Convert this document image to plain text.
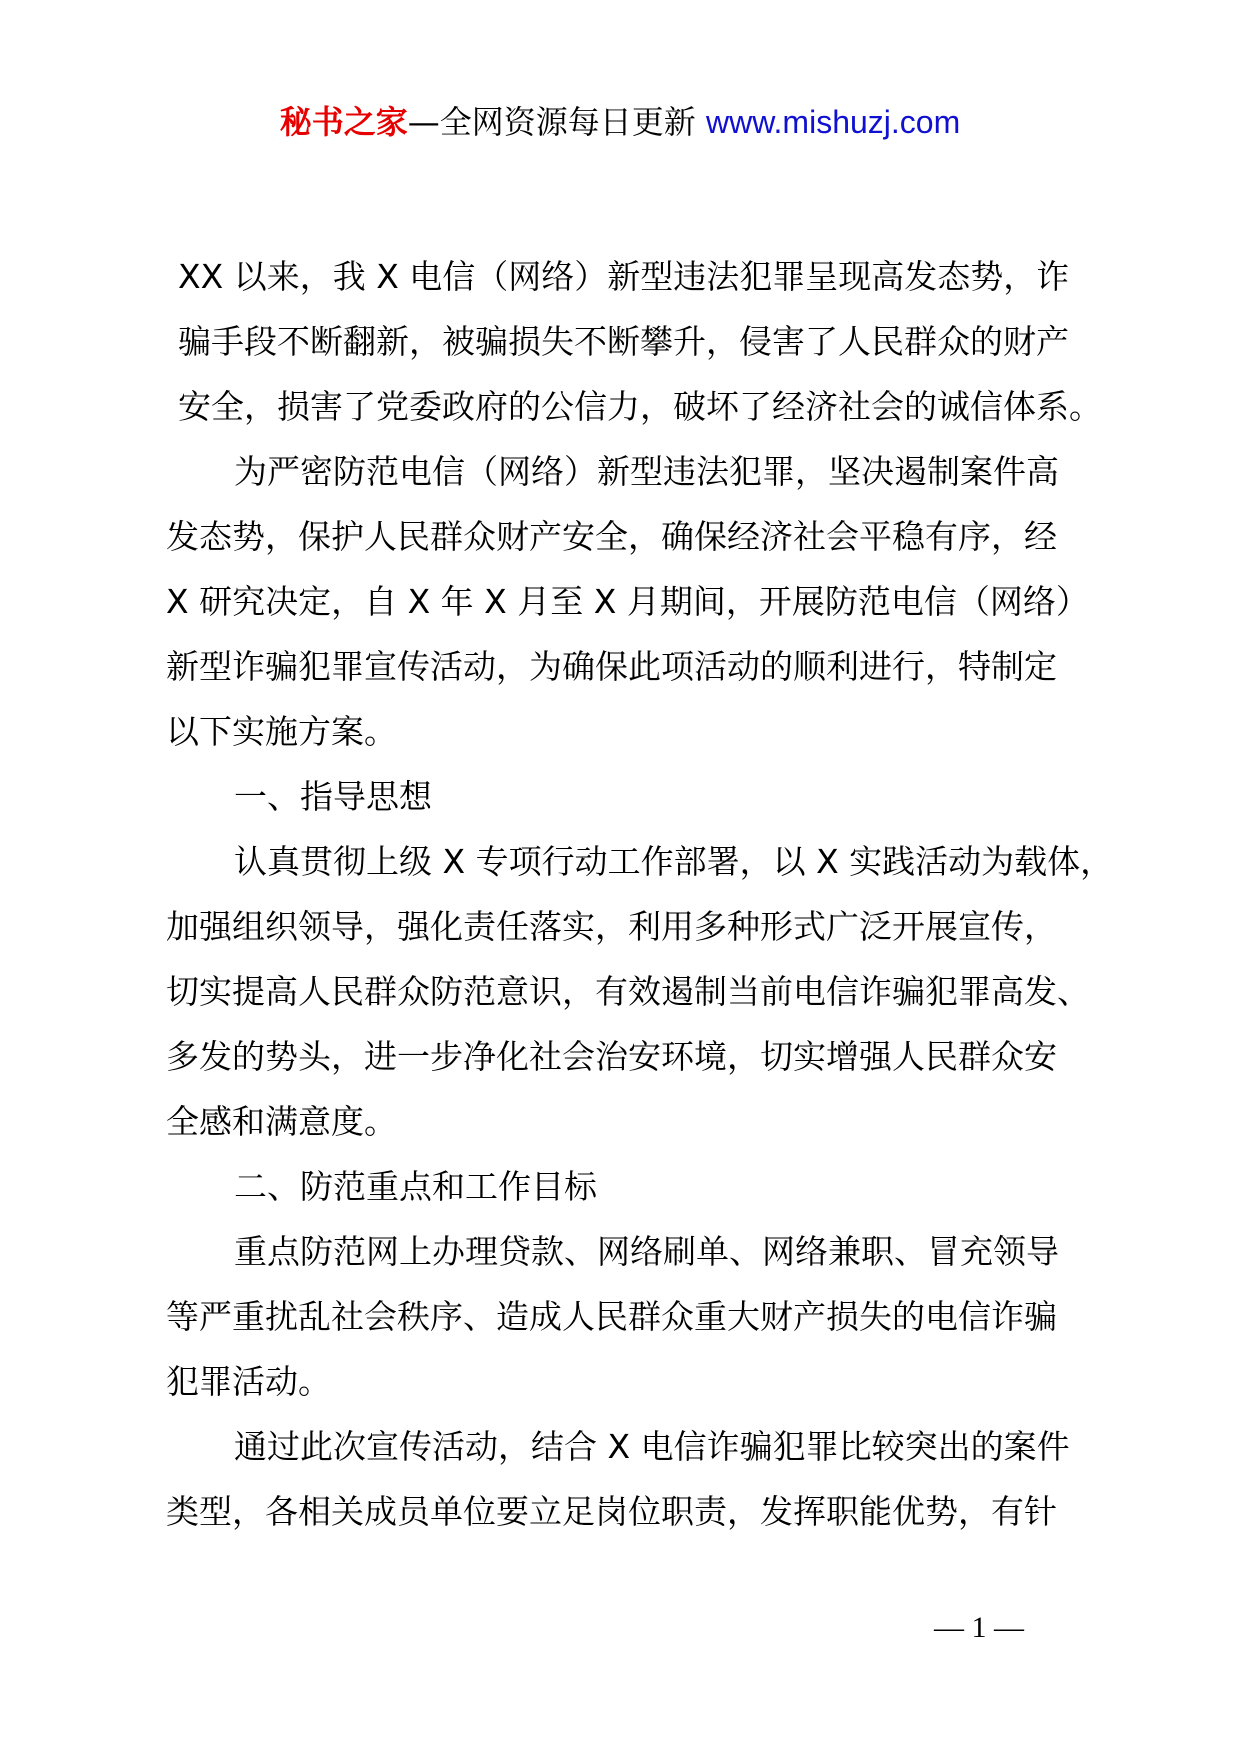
秘书之家—全网资源每日更新 www.mishuzj.com
XX 以来，我 X 电信（网络）新型违法犯罪呈现高发态势，诈
骗手段不断翻新，被骗损失不断攀升，侵害了人民群众的财产
安全，损害了党委政府的公信力，破坏了经济社会的诚信体系。
为严密防范电信（网络）新型违法犯罪，坚决遏制案件高
发态势，保护人民群众财产安全，确保经济社会平稳有序，经
X 研究决定，自 X 年 X 月至 X 月期间，开展防范电信（网络）
新型诈骗犯罪宣传活动，为确保此项活动的顺利进行，特制定
以下实施方案。
一、指导思想
认真贯彻上级 X 专项行动工作部署，以 X 实践活动为载体，
加强组织领导，强化责任落实，利用多种形式广泛开展宣传，
切实提高人民群众防范意识，有效遏制当前电信诈骗犯罪高发、
多发的势头，进一步净化社会治安环境，切实增强人民群众安
全感和满意度。
二、防范重点和工作目标
重点防范网上办理贷款、网络刷单、网络兼职、冒充领导
等严重扰乱社会秩序、造成人民群众重大财产损失的电信诈骗
犯罪活动。
通过此次宣传活动，结合 X 电信诈骗犯罪比较突出的案件
类型，各相关成员单位要立足岗位职责，发挥职能优势，有针
— 1 —
